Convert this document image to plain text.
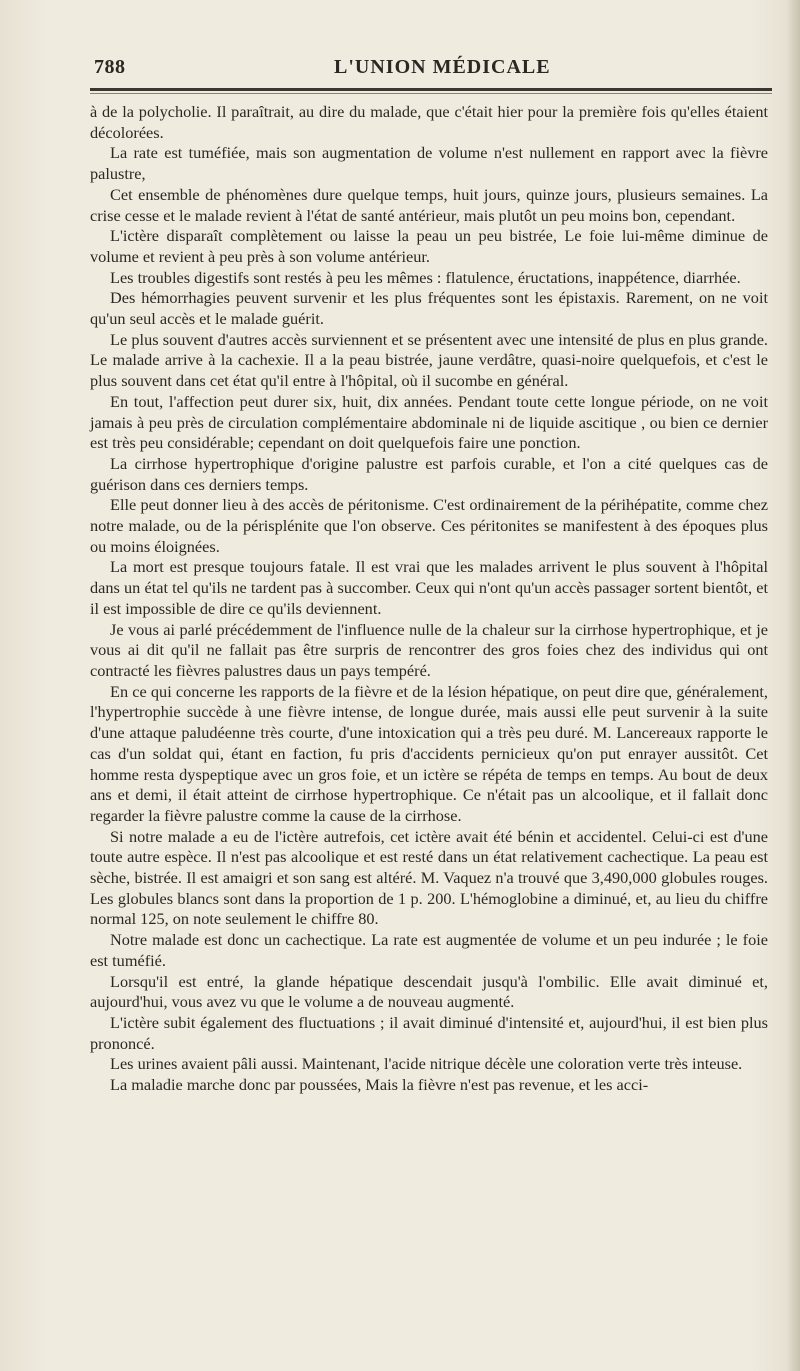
788	L'UNION MÉDICALE

à de la polycholie. Il paraîtrait, au dire du malade, que c'était hier pour la première fois qu'elles étaient décolorées.

La rate est tuméfiée, mais son augmentation de volume n'est nullement en rapport avec la fièvre palustre,

Cet ensemble de phénomènes dure quelque temps, huit jours, quinze jours, plusieurs semaines. La crise cesse et le malade revient à l'état de santé antérieur, mais plutôt un peu moins bon, cependant.

L'ictère disparaît complètement ou laisse la peau un peu bistrée, Le foie lui-même diminue de volume et revient à peu près à son volume antérieur.

Les troubles digestifs sont restés à peu les mêmes : flatulence, éructations, inappétence, diarrhée.

Des hémorrhagies peuvent survenir et les plus fréquentes sont les épistaxis. Rarement, on ne voit qu'un seul accès et le malade guérit.

Le plus souvent d'autres accès surviennent et se présentent avec une intensité de plus en plus grande. Le malade arrive à la cachexie. Il a la peau bistrée, jaune verdâtre, quasi-noire quelquefois, et c'est le plus souvent dans cet état qu'il entre à l'hôpital, où il sucombe en général.

En tout, l'affection peut durer six, huit, dix années. Pendant toute cette longue période, on ne voit jamais à peu près de circulation complémentaire abdominale ni de liquide ascitique , ou bien ce dernier est très peu considérable; cependant on doit quelquefois faire une ponction.

La cirrhose hypertrophique d'origine palustre est parfois curable, et l'on a cité quelques cas de guérison dans ces derniers temps.

Elle peut donner lieu à des accès de péritonisme. C'est ordinairement de la périhépatite, comme chez notre malade, ou de la périsplénite que l'on observe. Ces péritonites se manifestent à des époques plus ou moins éloignées.

La mort est presque toujours fatale. Il est vrai que les malades arrivent le plus souvent à l'hôpital dans un état tel qu'ils ne tardent pas à succomber. Ceux qui n'ont qu'un accès passager sortent bientôt, et il est impossible de dire ce qu'ils deviennent.

Je vous ai parlé précédemment de l'influence nulle de la chaleur sur la cirrhose hypertrophique, et je vous ai dit qu'il ne fallait pas être surpris de rencontrer des gros foies chez des individus qui ont contracté les fièvres palustres daus un pays tempéré.

En ce qui concerne les rapports de la fièvre et de la lésion hépatique, on peut dire que, généralement, l'hypertrophie succède à une fièvre intense, de longue durée, mais aussi elle peut survenir à la suite d'une attaque paludéenne très courte, d'une intoxication qui a très peu duré. M. Lancereaux rapporte le cas d'un soldat qui, étant en faction, fu pris d'accidents pernicieux qu'on put enrayer aussitôt. Cet homme resta dyspeptique avec un gros foie, et un ictère se répéta de temps en temps. Au bout de deux ans et demi, il était atteint de cirrhose hypertrophique. Ce n'était pas un alcoolique, et il fallait donc regarder la fièvre palustre comme la cause de la cirrhose.

Si notre malade a eu de l'ictère autrefois, cet ictère avait été bénin et accidentel. Celui-ci est d'une toute autre espèce. Il n'est pas alcoolique et est resté dans un état relativement cachectique. La peau est sèche, bistrée. Il est amaigri et son sang est altéré. M. Vaquez n'a trouvé que 3,490,000 globules rouges. Les globules blancs sont dans la proportion de 1 p. 200. L'hémoglobine a diminué, et, au lieu du chiffre normal 125, on note seulement le chiffre 80.

Notre malade est donc un cachectique. La rate est augmentée de volume et un peu indurée ; le foie est tuméfié.

Lorsqu'il est entré, la glande hépatique descendait jusqu'à l'ombilic. Elle avait diminué et, aujourd'hui, vous avez vu que le volume a de nouveau augmenté.

L'ictère subit également des fluctuations ; il avait diminué d'intensité et, aujourd'hui, il est bien plus prononcé.

Les urines avaient pâli aussi. Maintenant, l'acide nitrique décèle une coloration verte très inteuse.

La maladie marche donc par poussées, Mais la fièvre n'est pas revenue, et les acci-
